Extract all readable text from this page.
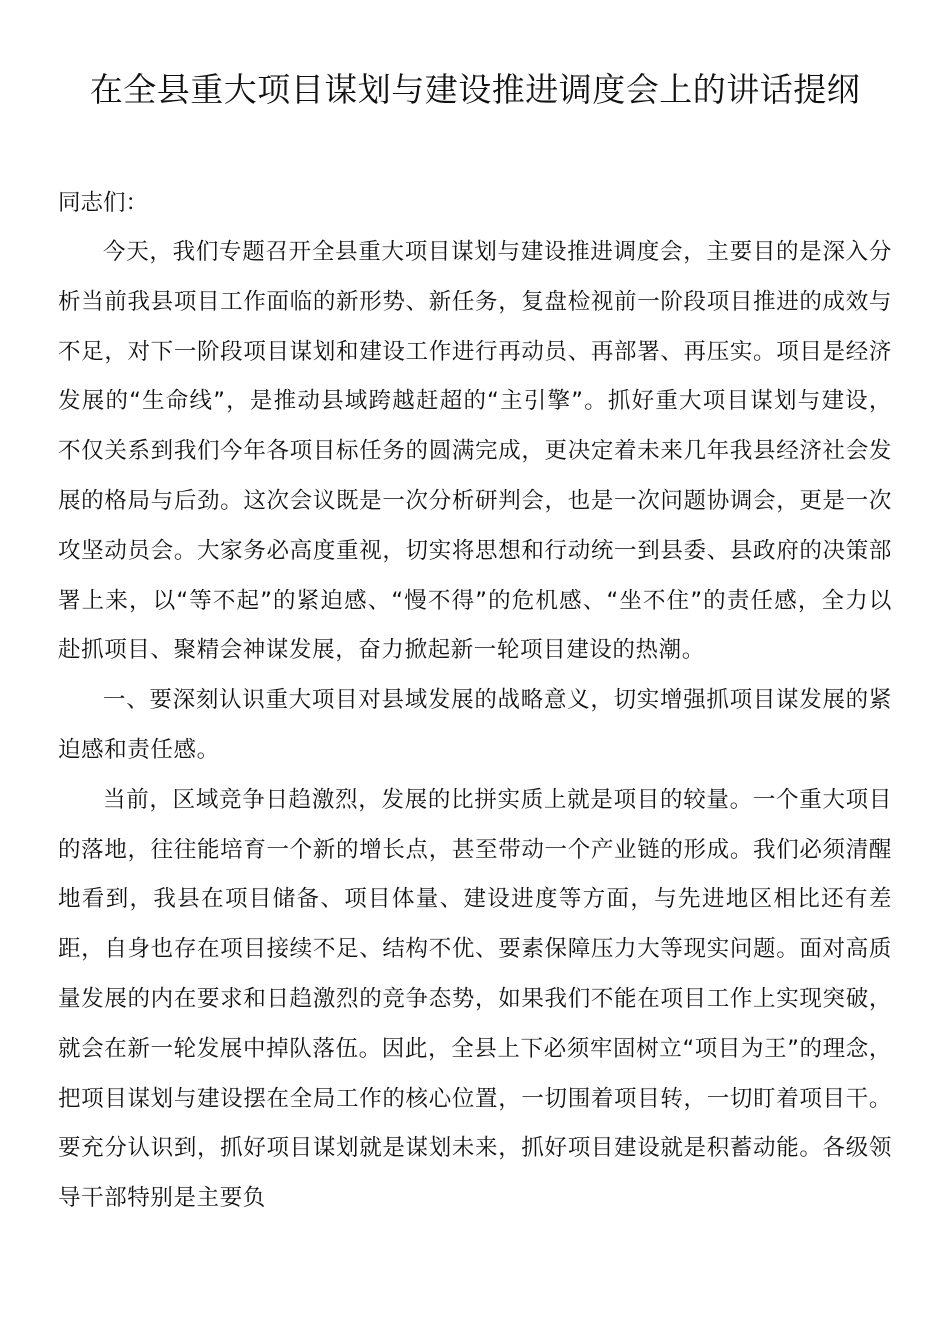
在全县重大项目谋划与建设推进调度会上的讲话提纲

同志们：

今天，我们专题召开全县重大项目谋划与建设推进调度会，主要目的是深入分析当前我县项目工作面临的新形势、新任务，复盘检视前一阶段项目推进的成效与不足，对下一阶段项目谋划和建设工作进行再动员、再部署、再压实。项目是经济发展的“生命线”，是推动县域跨越赶超的“主引擎”。抓好重大项目谋划与建设，不仅关系到我们今年各项目标任务的圆满完成，更决定着未来几年我县经济社会发展的格局与后劲。这次会议既是一次分析研判会，也是一次问题协调会，更是一次攻坚动员会。大家务必高度重视，切实将思想和行动统一到县委、县政府的决策部署上来，以“等不起”的紧迫感、“慢不得”的危机感、“坐不住”的责任感，全力以赴抓项目、聚精会神谋发展，奋力掀起新一轮项目建设的热潮。

一、要深刻认识重大项目对县域发展的战略意义，切实增强抓项目谋发展的紧迫感和责任感。

当前，区域竞争日趋激烈，发展的比拼实质上就是项目的较量。一个重大项目的落地，往往能培育一个新的增长点，甚至带动一个产业链的形成。我们必须清醒地看到，我县在项目储备、项目体量、建设进度等方面，与先进地区相比还有差距，自身也存在项目接续不足、结构不优、要素保障压力大等现实问题。面对高质量发展的内在要求和日趋激烈的竞争态势，如果我们不能在项目工作上实现突破，就会在新一轮发展中掉队落伍。因此，全县上下必须牢固树立“项目为王”的理念，把项目谋划与建设摆在全局工作的核心位置，一切围着项目转，一切盯着项目干。要充分认识到，抓好项目谋划就是谋划未来，抓好项目建设就是积蓄动能。各级领导干部特别是主要负
